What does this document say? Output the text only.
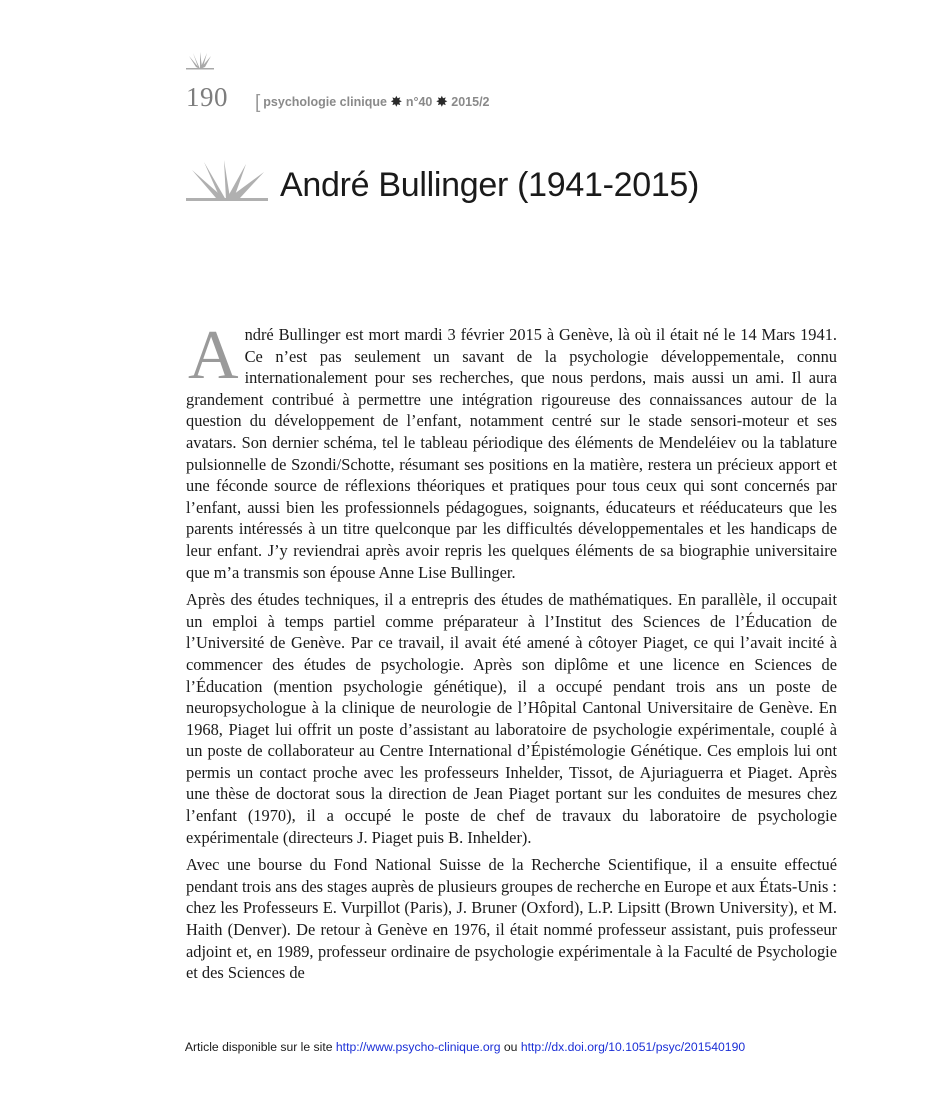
190 [ psychologie clinique ✸ n°40 ✸ 2015/2
André Bullinger (1941-2015)

André Bullinger est mort mardi 3 février 2015 à Genève, là où il était né le 14 Mars 1941. Ce n’est pas seulement un savant de la psychologie développementale, connu internationalement pour ses recherches, que nous perdons, mais aussi un ami. Il aura grandement contribué à permettre une intégration rigoureuse des connaissances autour de la question du développement de l’enfant, notamment centré sur le stade sensori-moteur et ses avatars. Son dernier schéma, tel le tableau périodique des éléments de Mendeléiev ou la tablature pulsionnelle de Szondi/Schotte, résumant ses positions en la matière, restera un précieux apport et une féconde source de réflexions théoriques et pratiques pour tous ceux qui sont concernés par l’enfant, aussi bien les professionnels pédagogues, soignants, éducateurs et rééducateurs que les parents intéressés à un titre quelconque par les difficultés développementales et les handicaps de leur enfant. J’y reviendrai après avoir repris les quelques éléments de sa biographie universitaire que m’a transmis son épouse Anne Lise Bullinger.

Après des études techniques, il a entrepris des études de mathématiques. En parallèle, il occupait un emploi à temps partiel comme préparateur à l’Institut des Sciences de l’Éducation de l’Université de Genève. Par ce travail, il avait été amené à côtoyer Piaget, ce qui l’avait incité à commencer des études de psychologie. Après son diplôme et une licence en Sciences de l’Éducation (mention psychologie génétique), il a occupé pendant trois ans un poste de neuropsychologue à la clinique de neurologie de l’Hôpital Cantonal Universitaire de Genève. En 1968, Piaget lui offrit un poste d’assistant au laboratoire de psychologie expérimentale, couplé à un poste de collaborateur au Centre International d’Épistémologie Génétique. Ces emplois lui ont permis un contact proche avec les professeurs Inhelder, Tissot, de Ajuriaguerra et Piaget. Après une thèse de doctorat sous la direction de Jean Piaget portant sur les conduites de mesures chez l’enfant (1970), il a occupé le poste de chef de travaux du laboratoire de psychologie expérimentale (directeurs J. Piaget puis B. Inhelder).

Avec une bourse du Fond National Suisse de la Recherche Scientifique, il a ensuite effectué pendant trois ans des stages auprès de plusieurs groupes de recherche en Europe et aux États-Unis : chez les Professeurs E. Vurpillot (Paris), J. Bruner (Oxford), L.P. Lipsitt (Brown University), et M. Haith (Denver). De retour à Genève en 1976, il était nommé professeur assistant, puis professeur adjoint et, en 1989, professeur ordinaire de psychologie expérimentale à la Faculté de Psychologie et des Sciences de

Article disponible sur le site http://www.psycho-clinique.org ou http://dx.doi.org/10.1051/psyc/201540190
